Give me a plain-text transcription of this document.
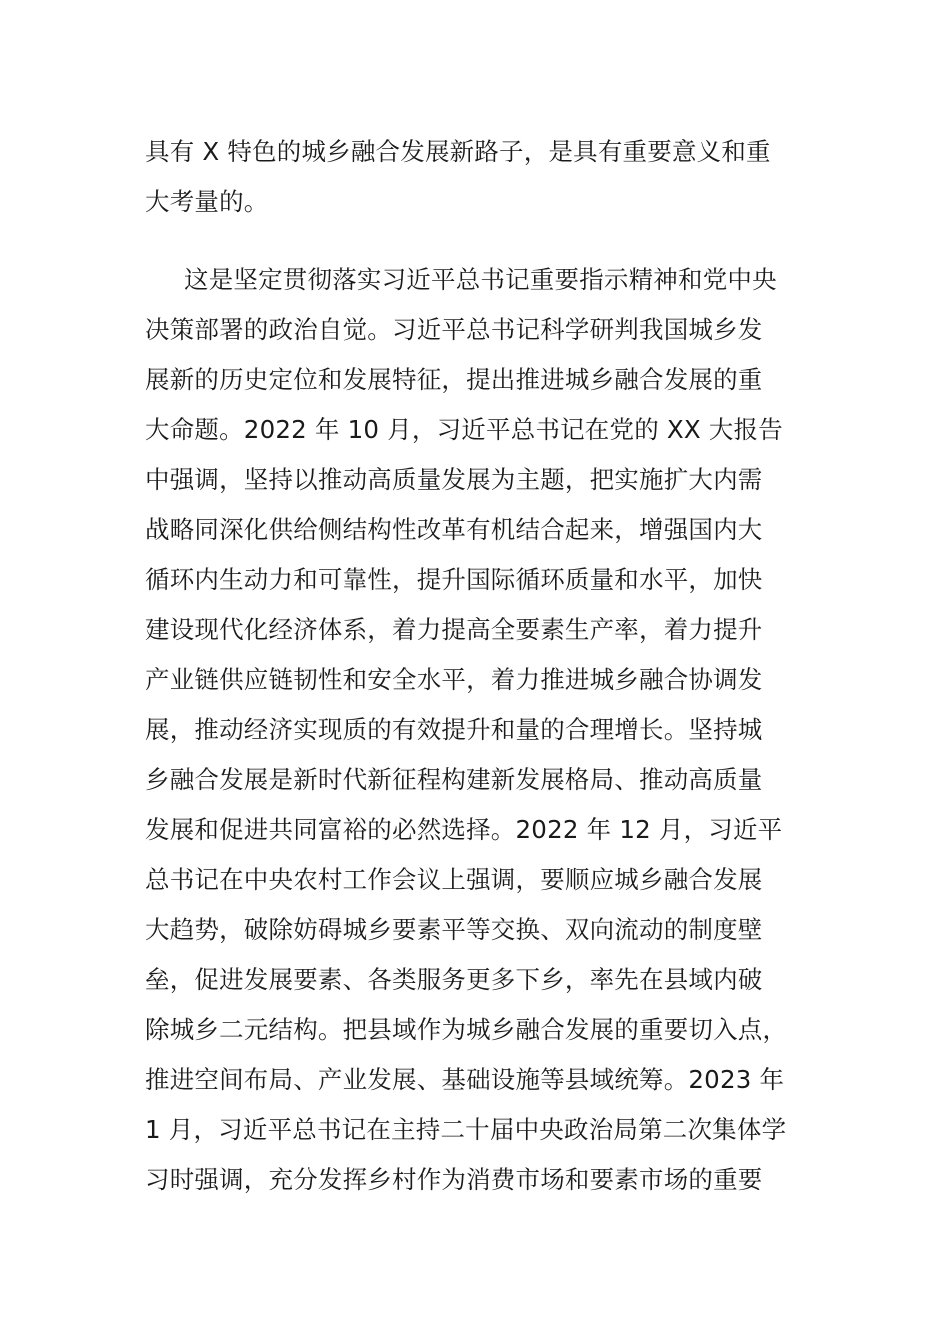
具有 X 特色的城乡融合发展新路子，是具有重要意义和重
大考量的。
这是坚定贯彻落实习近平总书记重要指示精神和党中央
决策部署的政治自觉。习近平总书记科学研判我国城乡发
展新的历史定位和发展特征，提出推进城乡融合发展的重
大命题。2022 年 10 月，习近平总书记在党的 XX 大报告
中强调，坚持以推动高质量发展为主题，把实施扩大内需
战略同深化供给侧结构性改革有机结合起来，增强国内大
循环内生动力和可靠性，提升国际循环质量和水平，加快
建设现代化经济体系，着力提高全要素生产率，着力提升
产业链供应链韧性和安全水平，着力推进城乡融合协调发
展，推动经济实现质的有效提升和量的合理增长。坚持城
乡融合发展是新时代新征程构建新发展格局、推动高质量
发展和促进共同富裕的必然选择。2022 年 12 月，习近平
总书记在中央农村工作会议上强调，要顺应城乡融合发展
大趋势，破除妨碍城乡要素平等交换、双向流动的制度壁
垒，促进发展要素、各类服务更多下乡，率先在县域内破
除城乡二元结构。把县域作为城乡融合发展的重要切入点，
推进空间布局、产业发展、基础设施等县域统筹。2023 年
1 月，习近平总书记在主持二十届中央政治局第二次集体学
习时强调，充分发挥乡村作为消费市场和要素市场的重要
